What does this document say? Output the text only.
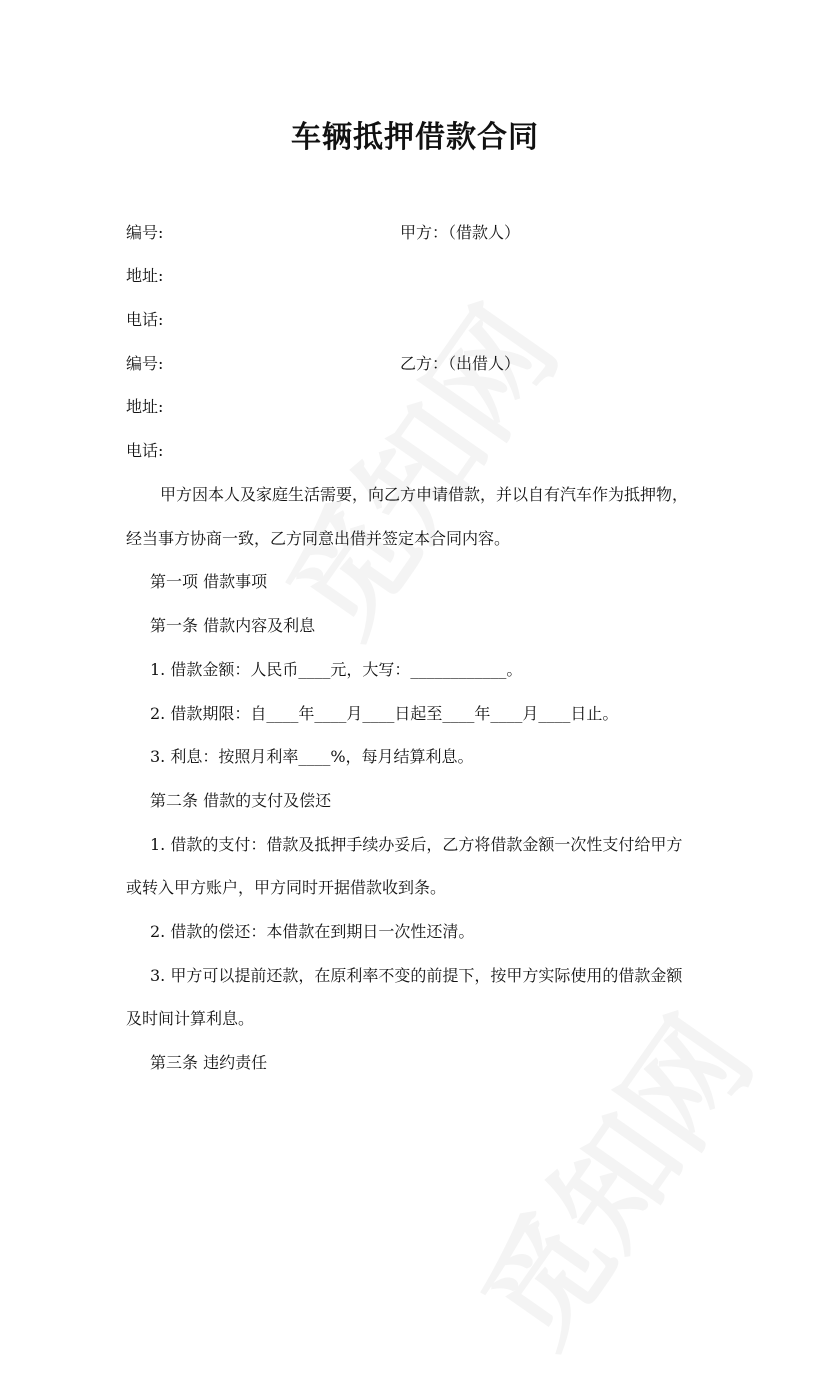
车辆抵押借款合同
编号:	甲方：（借款人）
地址:
电话:
编号:	乙方：（出借人）
地址:
电话:
甲方因本人及家庭生活需要，向乙方申请借款，并以自有汽车作为抵押物，
经当事方协商一致，乙方同意出借并签定本合同内容。
第一项 借款事项
第一条 借款内容及利息
1. 借款金额：人民币____元，大写：____________。
2. 借款期限：自____年____月____日起至____年____月____日止。
3. 利息：按照月利率____%，每月结算利息。
第二条 借款的支付及偿还
1. 借款的支付：借款及抵押手续办妥后，乙方将借款金额一次性支付给甲方
或转入甲方账户，甲方同时开据借款收到条。
2. 借款的偿还：本借款在到期日一次性还清。
3. 甲方可以提前还款，在原利率不变的前提下，按甲方实际使用的借款金额
及时间计算利息。
第三条 违约责任
